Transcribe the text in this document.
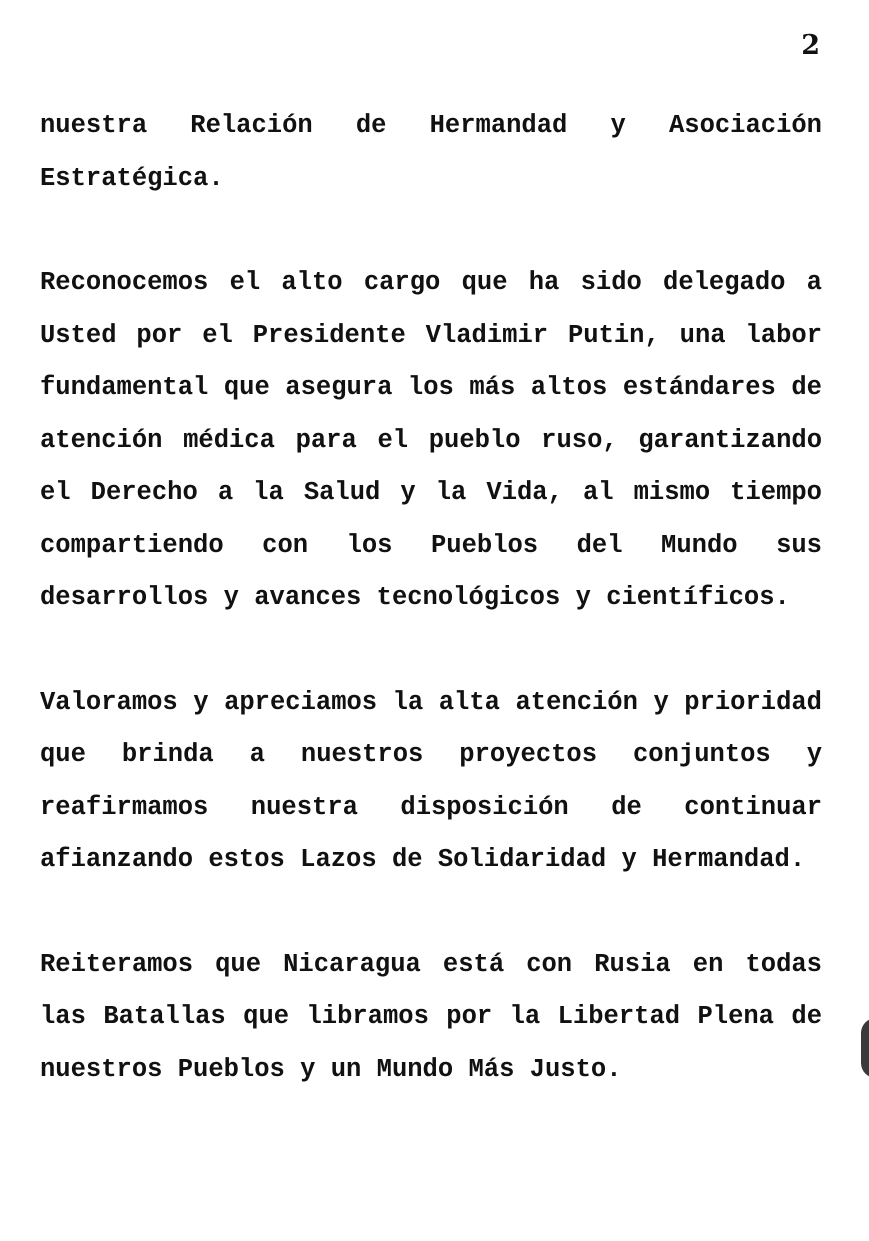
2

nuestra Relación de Hermandad y Asociación Estratégica.

Reconocemos el alto cargo que ha sido delegado a Usted por el Presidente Vladimir Putin, una labor fundamental que asegura los más altos estándares de atención médica para el pueblo ruso, garantizando el Derecho a la Salud y la Vida, al mismo tiempo compartiendo con los Pueblos del Mundo sus desarrollos y avances tecnológicos y científicos.

Valoramos y apreciamos la alta atención y prioridad que brinda a nuestros proyectos conjuntos y reafirmamos nuestra disposición de continuar afianzando estos Lazos de Solidaridad y Hermandad.

Reiteramos que Nicaragua está con Rusia en todas las Batallas que libramos por la Libertad Plena de nuestros Pueblos y un Mundo Más Justo.
